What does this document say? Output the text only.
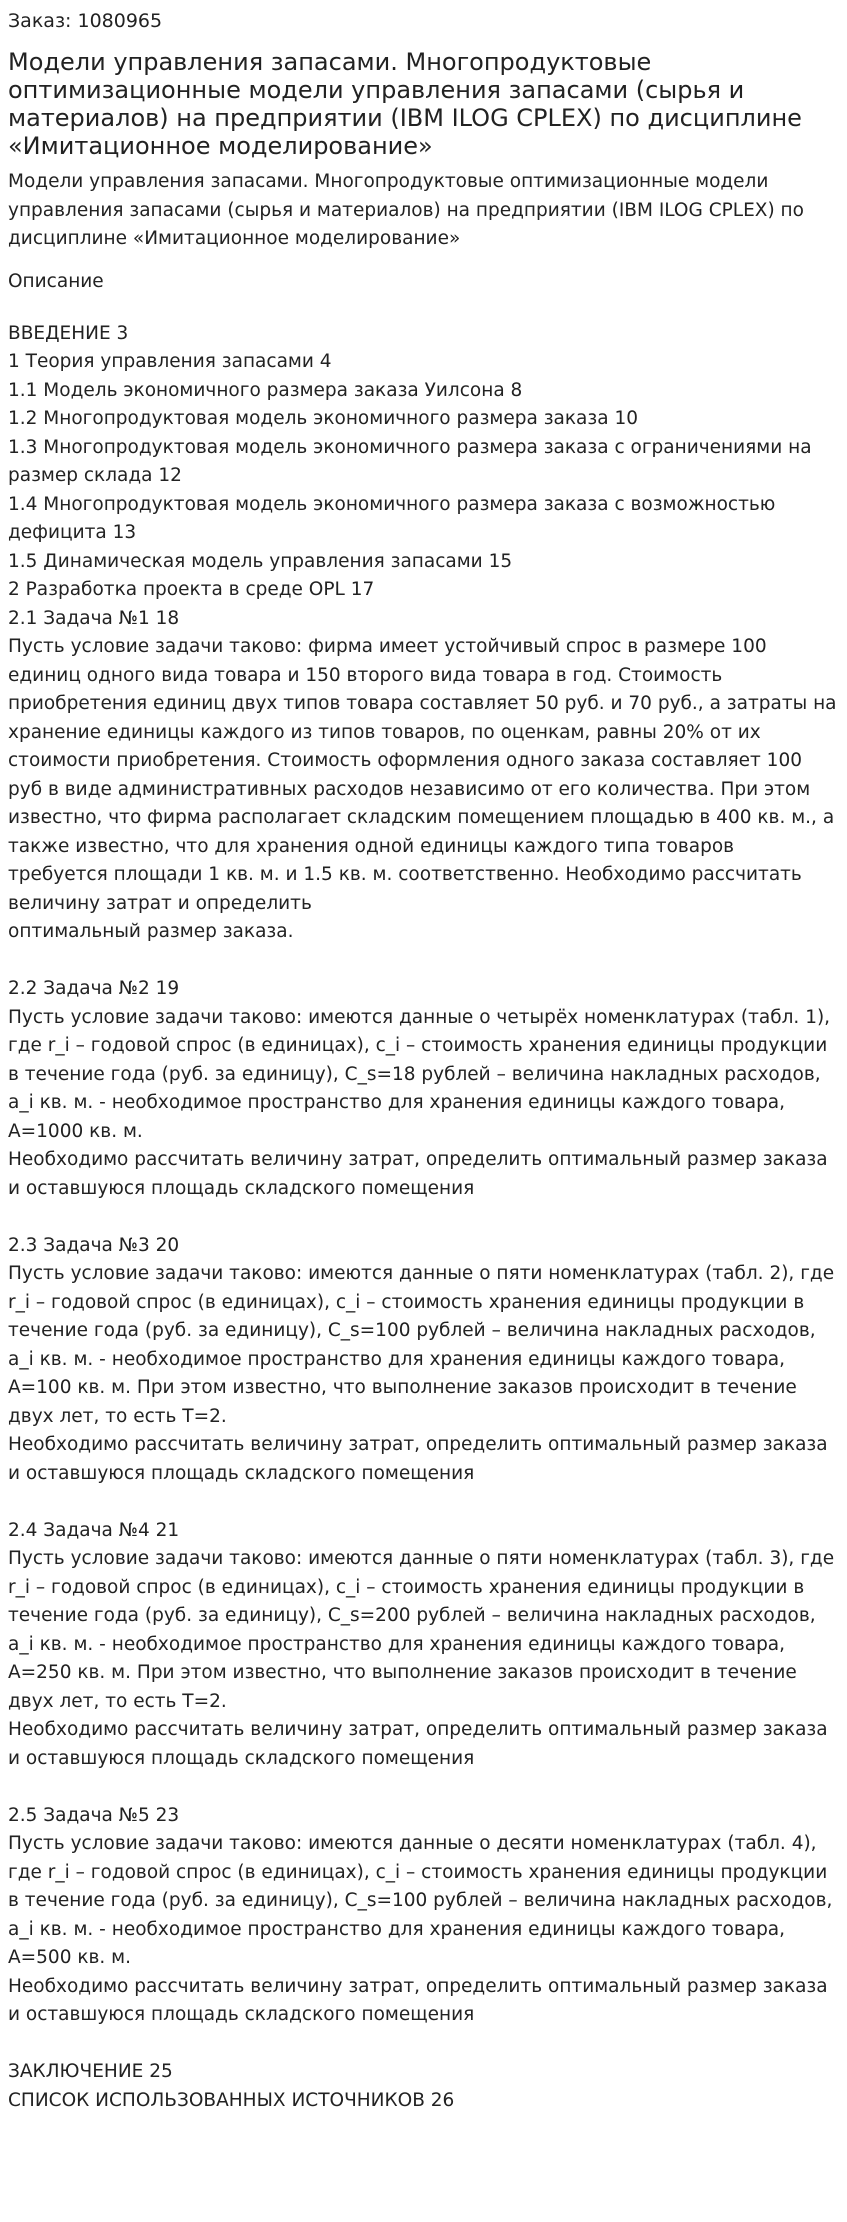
Заказ: 1080965
Модели управления запасами. Многопродуктовые оптимизационные модели управления запасами (сырья и материалов) на предприятии (IBM ILOG CPLEX) по дисциплине «Имитационное моделирование»
Модели управления запасами. Многопродуктовые оптимизационные модели управления запасами (сырья и материалов) на предприятии (IBM ILOG CPLEX) по дисциплине «Имитационное моделирование»
Описание
ВВЕДЕНИЕ 3
1 Теория управления запасами 4
1.1 Модель экономичного размера заказа Уилсона 8
1.2 Многопродуктовая модель экономичного размера заказа 10
1.3 Многопродуктовая модель экономичного размера заказа с ограничениями на размер склада 12
1.4 Многопродуктовая модель экономичного размера заказа с возможностью дефицита 13
1.5 Динамическая модель управления запасами 15
2 Разработка проекта в среде OPL 17
2.1 Задача №1 18
Пусть условие задачи таково: фирма имеет устойчивый спрос в размере 100 единиц одного вида товара и 150 второго вида товара в год. Стоимость приобретения единиц двух типов товара составляет 50 руб. и 70 руб., а затраты на хранение единицы каждого из типов товаров, по оценкам, равны 20% от их стоимости приобретения. Стоимость оформления одного заказа составляет 100 руб в виде административных расходов независимо от его количества. При этом известно, что фирма располагает складским помещением площадью в 400 кв. м., а также известно, что для хранения одной единицы каждого типа товаров требуется площади 1 кв. м. и 1.5 кв. м. соответственно. Необходимо рассчитать величину затрат и определить
оптимальный размер заказа.
2.2 Задача №2 19
Пусть условие задачи таково: имеются данные о четырёх номенклатурах (табл. 1), где r_i – годовой спрос (в единицах), c_i – стоимость хранения единицы продукции в течение года (руб. за единицу), C_s=18 рублей – величина накладных расходов, a_i кв. м. - необходимое пространство для хранения единицы каждого товара, A=1000 кв. м.
Необходимо рассчитать величину затрат, определить оптимальный размер заказа и оставшуюся площадь складского помещения
2.3 Задача №3 20
Пусть условие задачи таково: имеются данные о пяти номенклатурах (табл. 2), где r_i – годовой спрос (в единицах), c_i – стоимость хранения единицы продукции в течение года (руб. за единицу), C_s=100 рублей – величина накладных расходов, a_i кв. м. - необходимое пространство для хранения единицы каждого товара, A=100 кв. м. При этом известно, что выполнение заказов происходит в течение двух лет, то есть T=2.
Необходимо рассчитать величину затрат, определить оптимальный размер заказа и оставшуюся площадь складского помещения
2.4 Задача №4 21
Пусть условие задачи таково: имеются данные о пяти номенклатурах (табл. 3), где r_i – годовой спрос (в единицах), c_i – стоимость хранения единицы продукции в течение года (руб. за единицу), C_s=200 рублей – величина накладных расходов, a_i кв. м. - необходимое пространство для хранения единицы каждого товара, A=250 кв. м. При этом известно, что выполнение заказов происходит в течение двух лет, то есть T=2.
Необходимо рассчитать величину затрат, определить оптимальный размер заказа и оставшуюся площадь складского помещения
2.5 Задача №5 23
Пусть условие задачи таково: имеются данные о десяти номенклатурах (табл. 4), где r_i – годовой спрос (в единицах), c_i – стоимость хранения единицы продукции в течение года (руб. за единицу), C_s=100 рублей – величина накладных расходов, a_i кв. м. - необходимое пространство для хранения единицы каждого товара, A=500 кв. м.
Необходимо рассчитать величину затрат, определить оптимальный размер заказа и оставшуюся площадь складского помещения
ЗАКЛЮЧЕНИЕ 25
СПИСОК ИСПОЛЬЗОВАННЫХ ИСТОЧНИКОВ 26
